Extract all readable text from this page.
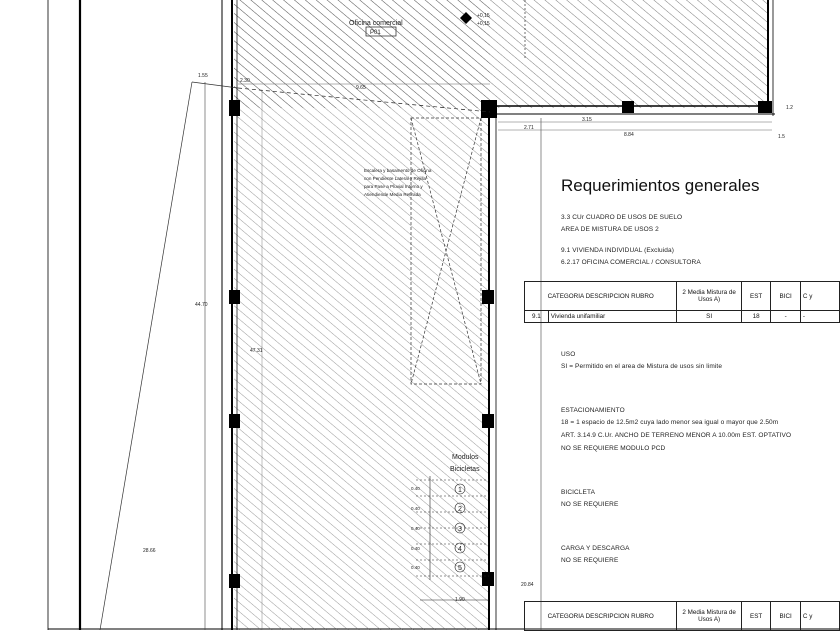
Oficina comercial
P01
+0,15
+0,15
Escalera y basamento de Oficina
con Pendiente Lateral y Rejilla
para Pase a Pluvial Interno y
Atiendiende Media Retirada
Modulos
Bicicletas
1
2
3
4
5
0.40
0.40
0.40
0.40
0.40
1.55
2.30
9.65
2.71
3.15
8.84
44.70
47.31
28.66
20.84
1.2
1.5
1.90
Requerimientos generales
3.3 CUr CUADRO DE USOS DE SUELO
AREA DE MISTURA DE USOS 2
9.1 VIVIENDA INDIVIDUAL (Excluida)
6.2.17 OFICINA COMERCIAL / CONSULTORA
CATEGORIA DESCRIPCION RUBRO		2 Media Mistura de Usos A)	EST	BICI	C y
9.1	Vivienda unifamiliar	SI	18	-	-
USO
SI = Permitido en el area de Mistura de usos sin limite
ESTACIONAMIENTO
18 = 1 espacio de 12.5m2 cuya lado menor sea igual o mayor que 2.50m
ART. 3.14.9 C.Ur. ANCHO DE TERRENO MENOR A 10.00m EST. OPTATIVO
NO SE REQUIERE MODULO PCD
BICICLETA
NO SE REQUIERE
CARGA Y DESCARGA
NO SE REQUIERE
CATEGORIA DESCRIPCION RUBRO	2 Media Mistura de Usos A)	EST	BICI	C y
